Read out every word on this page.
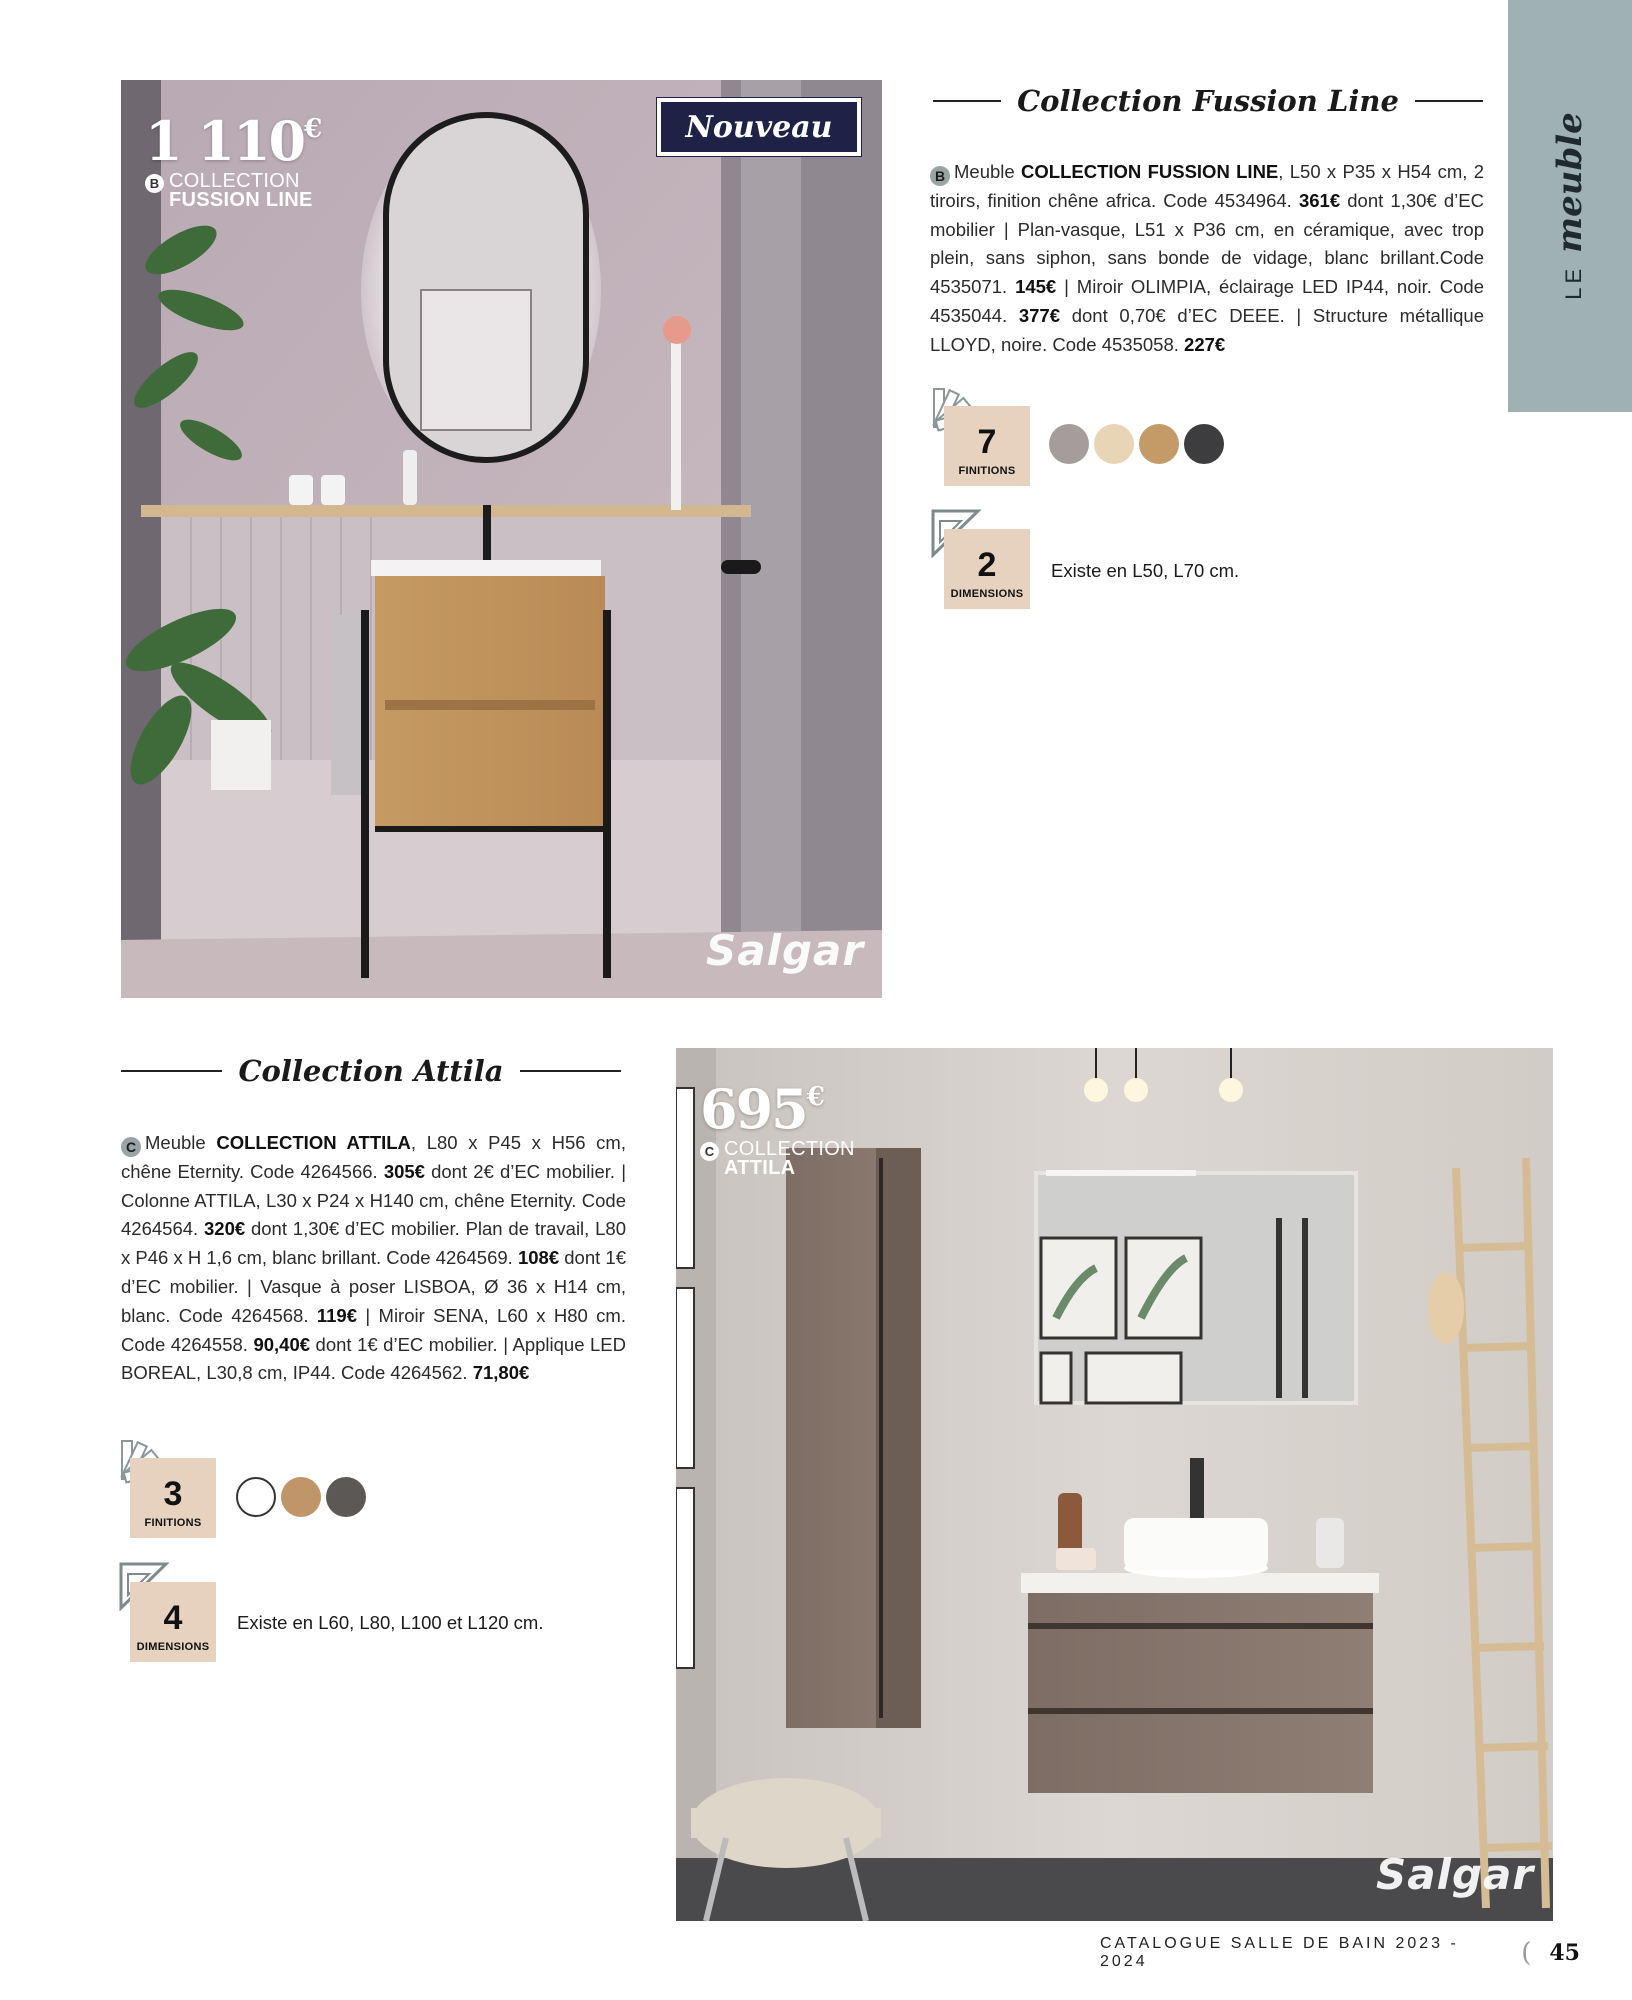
LE
meuble
1 110€
B COLLECTION
FUSSION LINE
Nouveau
Salgar
Collection Fussion Line
B Meuble COLLECTION FUSSION LINE, L50 x P35 x H54 cm, 2 tiroirs, finition chêne africa. Code 4534964. 361€ dont 1,30€ d’EC mobilier | Plan-vasque, L51 x P36 cm, en céramique, avec trop plein, sans siphon, sans bonde de vidage, blanc brillant.Code 4535071. 145€ | Miroir OLIMPIA, éclairage LED IP44, noir. Code 4535044. 377€ dont 0,70€ d’EC DEEE. | Structure métallique LLOYD, noire. Code 4535058. 227€
7
FINITIONS
2
DIMENSIONS
Existe en L50, L70 cm.
Collection Attila
C Meuble COLLECTION ATTILA, L80 x P45 x H56 cm, chêne Eternity. Code 4264566. 305€ dont 2€ d’EC mobilier. | Colonne ATTILA, L30 x P24 x H140 cm, chêne Eternity. Code 4264564. 320€ dont 1,30€ d’EC mobilier. Plan de travail, L80 x P46 x H 1,6 cm, blanc brillant. Code 4264569. 108€ dont 1€ d’EC mobilier. | Vasque à poser LISBOA, Ø 36 x H14 cm, blanc. Code 4264568. 119€ | Miroir SENA, L60 x H80 cm. Code 4264558. 90,40€ dont 1€ d’EC mobilier. | Applique LED BOREAL, L30,8 cm, IP44. Code 4264562. 71,80€
3
FINITIONS
4
DIMENSIONS
Existe en L60, L80, L100 et L120 cm.
695€
C COLLECTION
ATTILA
Salgar
CATALOGUE SALLE DE BAIN 2023 - 2024	( 45
